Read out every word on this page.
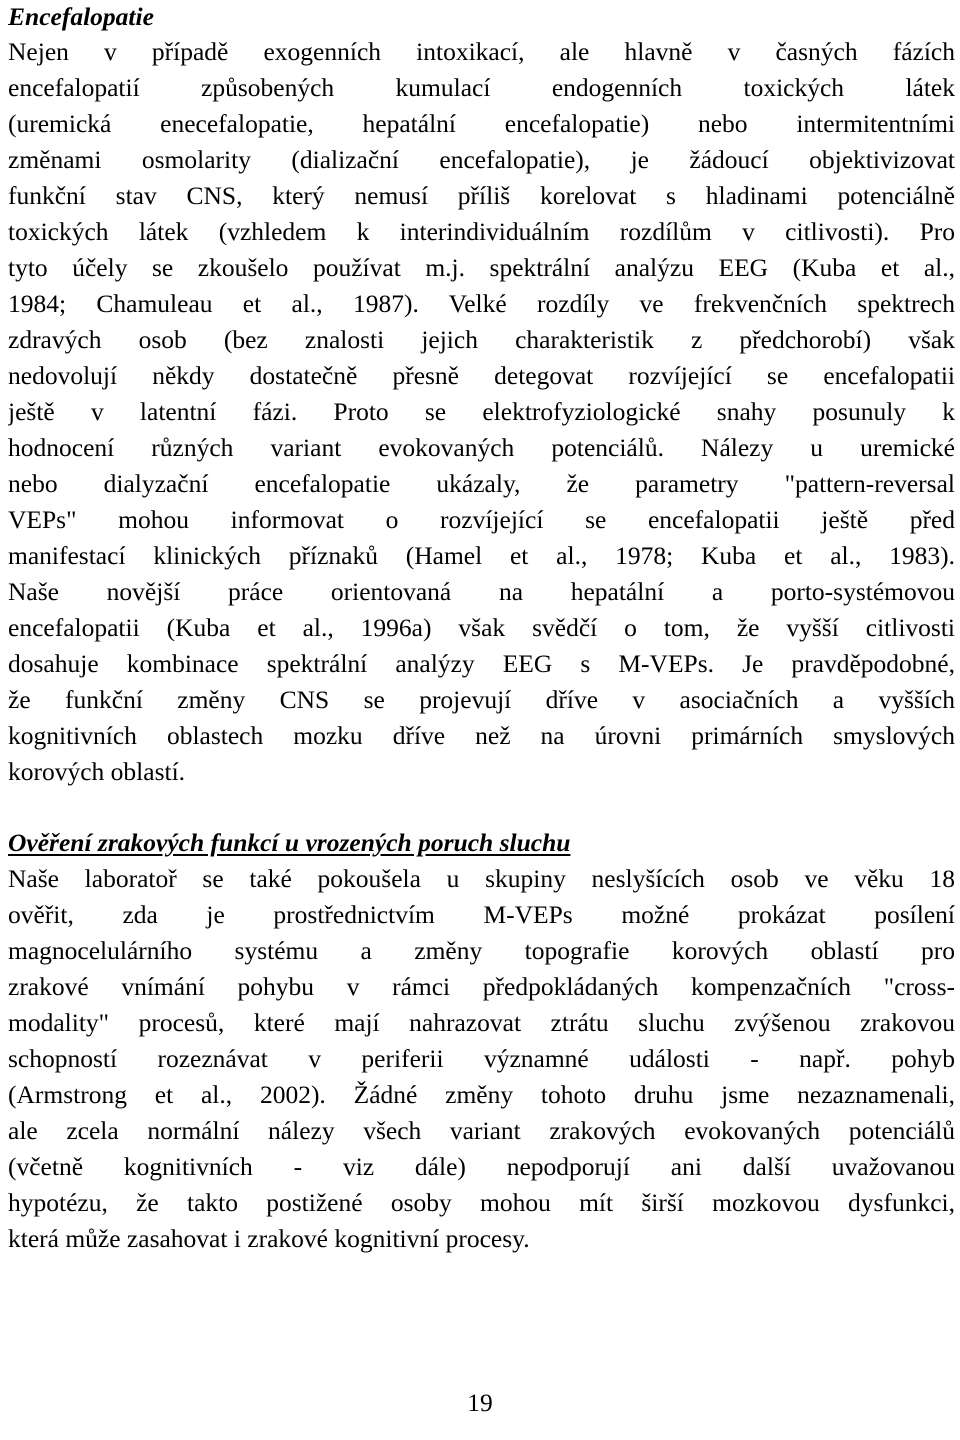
Encefalopatie
Nejen v případě exogenních intoxikací, ale hlavně v časných fázích
encefalopatií způsobených kumulací endogenních toxických látek
(uremická enecefalopatie, hepatální encefalopatie) nebo intermitentními
změnami osmolarity (dializační encefalopatie), je žádoucí objektivizovat
funkční stav CNS, který nemusí příliš korelovat s hladinami potenciálně
toxických látek (vzhledem k interindividuálním rozdílům v citlivosti). Pro
tyto účely se zkoušelo používat m.j. spektrální analýzu EEG (Kuba et al.,
1984; Chamuleau et al., 1987). Velké rozdíly ve frekvenčních spektrech
zdravých osob (bez znalosti jejich charakteristik z předchorobí) však
nedovolují někdy dostatečně přesně detegovat rozvíjející se encefalopatii
ještě v latentní fázi. Proto se elektrofyziologické snahy posunuly k
hodnocení různých variant evokovaných potenciálů. Nálezy u uremické
nebo dialyzační encefalopatie ukázaly, že parametry "pattern-reversal
VEPs" mohou informovat o rozvíjející se encefalopatii ještě před
manifestací klinických příznaků (Hamel et al., 1978; Kuba et al., 1983).
Naše novější práce orientovaná na hepatální a porto-systémovou
encefalopatii (Kuba et al., 1996a) však svědčí o tom, že vyšší citlivosti
dosahuje kombinace spektrální analýzy EEG s M-VEPs. Je pravděpodobné,
že funkční změny CNS se projevují dříve v asociačních a vyšších
kognitivních oblastech mozku dříve než na úrovni primárních smyslových
korových oblastí.
Ověření zrakových funkcí u vrozených poruch sluchu
Naše laboratoř se také pokoušela u skupiny neslyšících osob ve věku 18
ověřit, zda je prostřednictvím M-VEPs možné prokázat posílení
magnocelulárního systému a změny topografie korových oblastí pro
zrakové vnímání pohybu v rámci předpokládaných kompenzačních "cross-
modality" procesů, které mají nahrazovat ztrátu sluchu zvýšenou zrakovou
schopností rozeznávat v periferii významné události - např. pohyb
(Armstrong et al., 2002). Žádné změny tohoto druhu jsme nezaznamenali,
ale zcela normální nálezy všech variant zrakových evokovaných potenciálů
(včetně kognitivních - viz dále) nepodporují ani další uvažovanou
hypotézu, že takto postižené osoby mohou mít širší mozkovou dysfunkci,
která může zasahovat i zrakové kognitivní procesy.
19
